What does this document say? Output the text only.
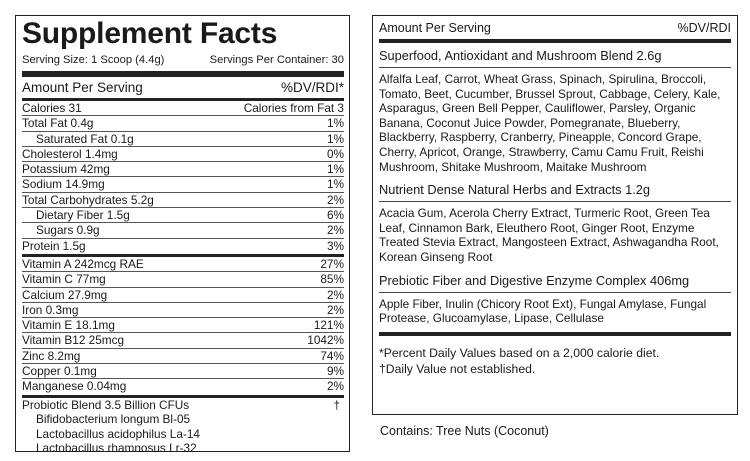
Supplement Facts
Serving Size: 1 Scoop (4.4g)	Servings Per Container: 30
Amount Per Serving	%DV/RDI*
Calories 31	Calories from Fat 3
Total Fat 0.4g	1%
Saturated Fat 0.1g	1%
Cholesterol 1.4mg	0%
Potassium 42mg	1%
Sodium 14.9mg	1%
Total Carbohydrates 5.2g	2%
Dietary Fiber 1.5g	6%
Sugars 0.9g	2%
Protein 1.5g	3%
Vitamin A 242mcg RAE	27%
Vitamin C 77mg	85%
Calcium 27.9mg	2%
Iron 0.3mg	2%
Vitamin E 18.1mg	121%
Vitamin B12 25mcg	1042%
Zinc 8.2mg	74%
Copper 0.1mg	9%
Manganese 0.04mg	2%
Probiotic Blend 3.5 Billion CFUs	†
Bifidobacterium longum Bl-05
Lactobacillus acidophilus La-14
Lactobacillus rhamnosus Lr-32
Amount Per Serving	%DV/RDI
Superfood, Antioxidant and Mushroom Blend 2.6g
Alfalfa Leaf, Carrot, Wheat Grass, Spinach, Spirulina, Broccoli, Tomato, Beet, Cucumber, Brussel Sprout, Cabbage, Celery, Kale, Asparagus, Green Bell Pepper, Cauliflower, Parsley, Organic Banana, Coconut Juice Powder, Pomegranate, Blueberry, Blackberry, Raspberry, Cranberry, Pineapple, Concord Grape, Cherry, Apricot, Orange, Strawberry, Camu Camu Fruit, Reishi Mushroom, Shitake Mushroom, Maitake Mushroom
Nutrient Dense Natural Herbs and Extracts 1.2g
Acacia Gum, Acerola Cherry Extract, Turmeric Root, Green Tea Leaf, Cinnamon Bark, Eleuthero Root, Ginger Root, Enzyme Treated Stevia Extract, Mangosteen Extract, Ashwagandha Root, Korean Ginseng Root
Prebiotic Fiber and Digestive Enzyme Complex 406mg
Apple Fiber, Inulin (Chicory Root Ext), Fungal Amylase, Fungal Protease, Glucoamylase, Lipase, Cellulase
*Percent Daily Values based on a 2,000 calorie diet.
†Daily Value not established.
Contains: Tree Nuts (Coconut)
